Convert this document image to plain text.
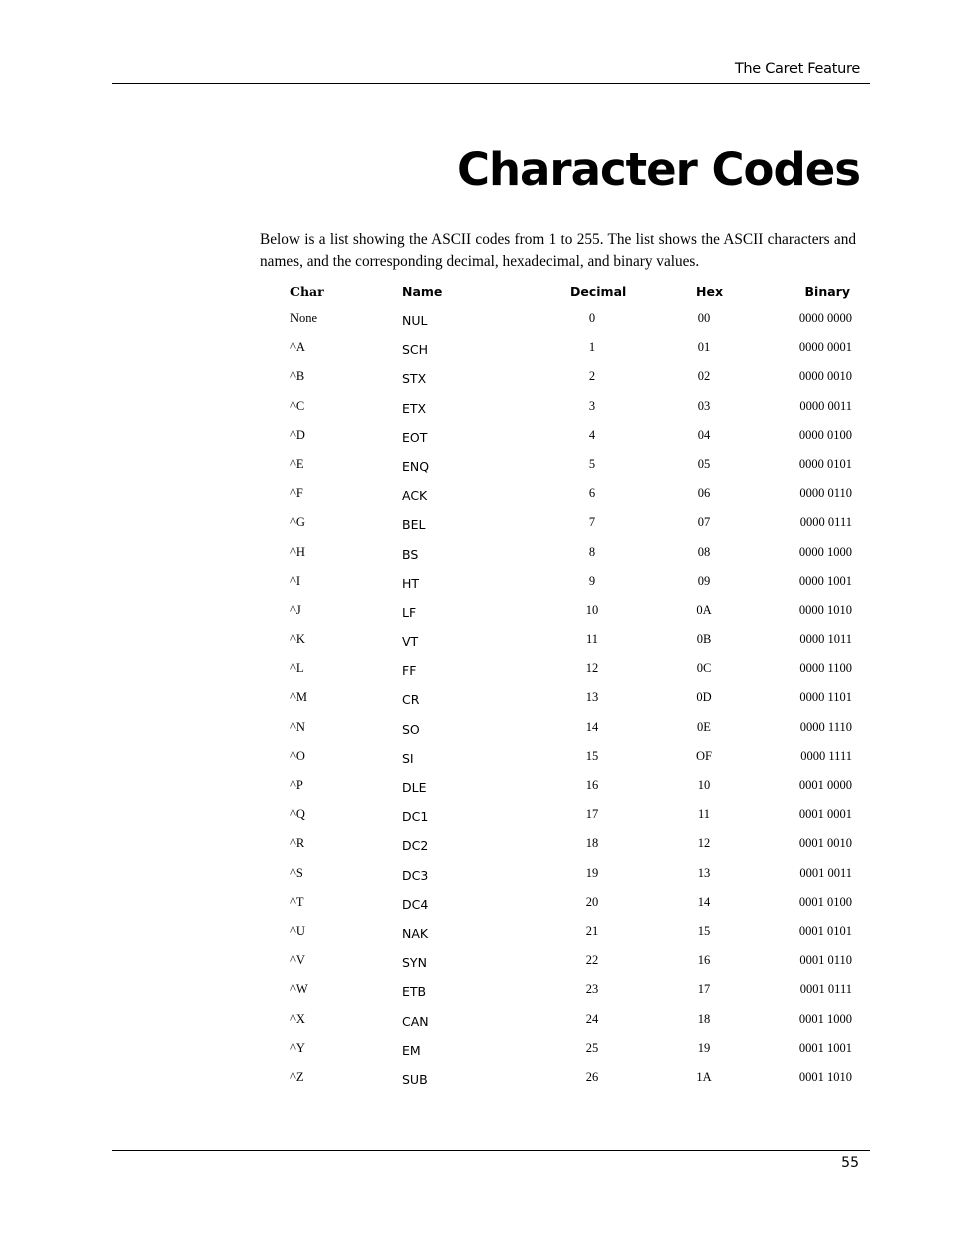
The Caret Feature
Character Codes

Below is a list showing the ASCII codes from 1 to 255. The list shows the ASCII characters and names, and the corresponding decimal, hexadecimal, and binary values.

Char	Name	Decimal	Hex	Binary
None	NUL	0	00	0000 0000
^A	SCH	1	01	0000 0001
^B	STX	2	02	0000 0010
^C	ETX	3	03	0000 0011
^D	EOT	4	04	0000 0100
^E	ENQ	5	05	0000 0101
^F	ACK	6	06	0000 0110
^G	BEL	7	07	0000 0111
^H	BS	8	08	0000 1000
^I	HT	9	09	0000 1001
^J	LF	10	0A	0000 1010
^K	VT	11	0B	0000 1011
^L	FF	12	0C	0000 1100
^M	CR	13	0D	0000 1101
^N	SO	14	0E	0000 1110
^O	SI	15	OF	0000 1111
^P	DLE	16	10	0001 0000
^Q	DC1	17	11	0001 0001
^R	DC2	18	12	0001 0010
^S	DC3	19	13	0001 0011
^T	DC4	20	14	0001 0100
^U	NAK	21	15	0001 0101
^V	SYN	22	16	0001 0110
^W	ETB	23	17	0001 0111
^X	CAN	24	18	0001 1000
^Y	EM	25	19	0001 1001
^Z	SUB	26	1A	0001 1010
55
